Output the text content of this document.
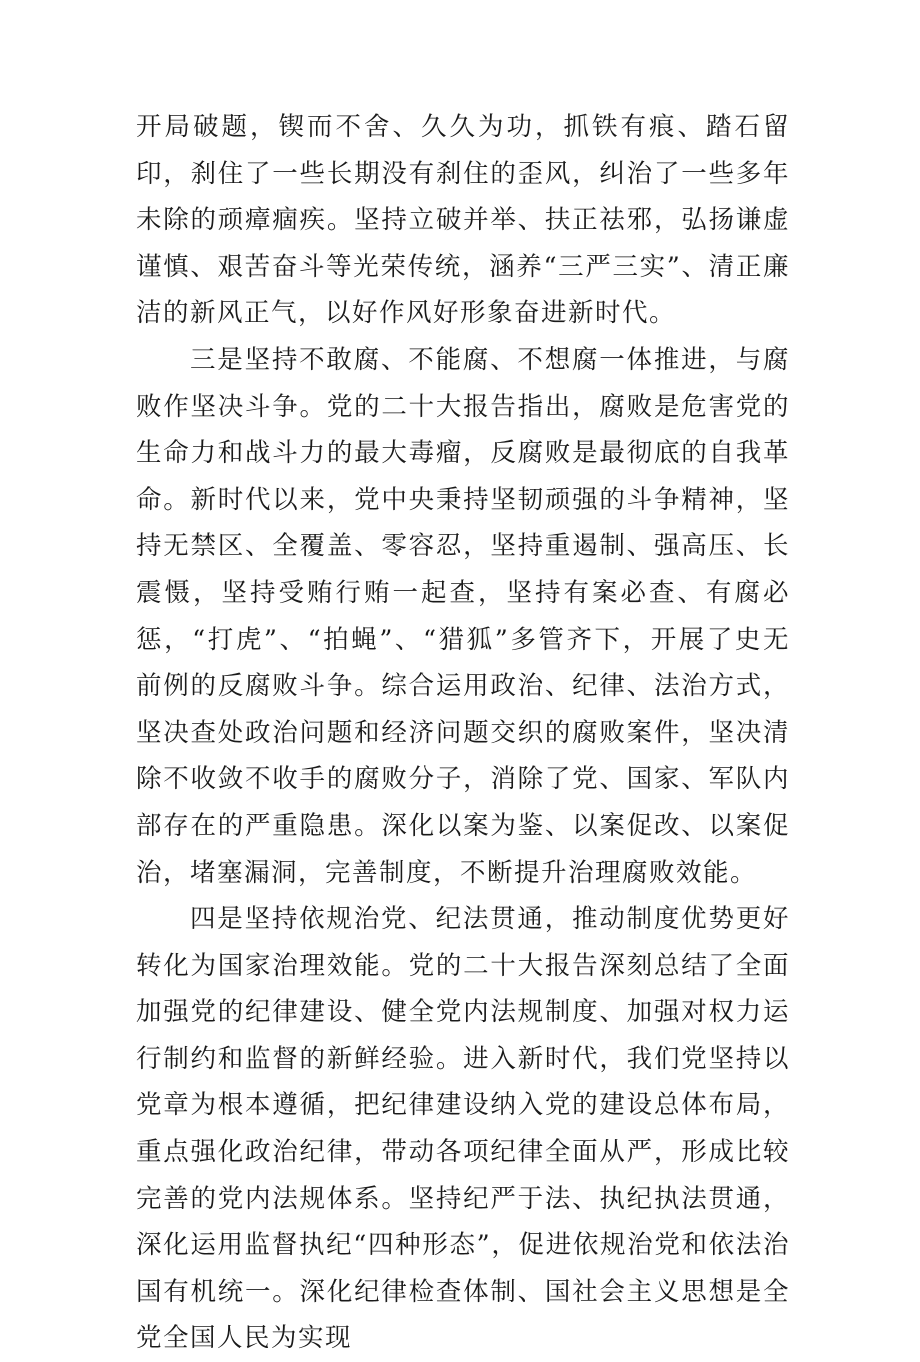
开局破题，锲而不舍、久久为功，抓铁有痕、踏石留印，刹住了一些长期没有刹住的歪风，纠治了一些多年未除的顽瘴痼疾。坚持立破并举、扶正祛邪，弘扬谦虚谨慎、艰苦奋斗等光荣传统，涵养“三严三实”、清正廉洁的新风正气，以好作风好形象奋进新时代。

三是坚持不敢腐、不能腐、不想腐一体推进，与腐败作坚决斗争。党的二十大报告指出，腐败是危害党的生命力和战斗力的最大毒瘤，反腐败是最彻底的自我革命。新时代以来，党中央秉持坚韧顽强的斗争精神，坚持无禁区、全覆盖、零容忍，坚持重遏制、强高压、长震慑，坚持受贿行贿一起查，坚持有案必查、有腐必惩，“打虎”、“拍蝇”、“猎狐”多管齐下，开展了史无前例的反腐败斗争。综合运用政治、纪律、法治方式，坚决查处政治问题和经济问题交织的腐败案件，坚决清除不收敛不收手的腐败分子，消除了党、国家、军队内部存在的严重隐患。深化以案为鉴、以案促改、以案促治，堵塞漏洞，完善制度，不断提升治理腐败效能。

四是坚持依规治党、纪法贯通，推动制度优势更好转化为国家治理效能。党的二十大报告深刻总结了全面加强党的纪律建设、健全党内法规制度、加强对权力运行制约和监督的新鲜经验。进入新时代，我们党坚持以党章为根本遵循，把纪律建设纳入党的建设总体布局，重点强化政治纪律，带动各项纪律全面从严，形成比较完善的党内法规体系。坚持纪严于法、执纪执法贯通，深化运用监督执纪“四种形态”，促进依规治党和依法治国有机统一。深化纪律检查体制、国社会主义思想是全党全国人民为实现
